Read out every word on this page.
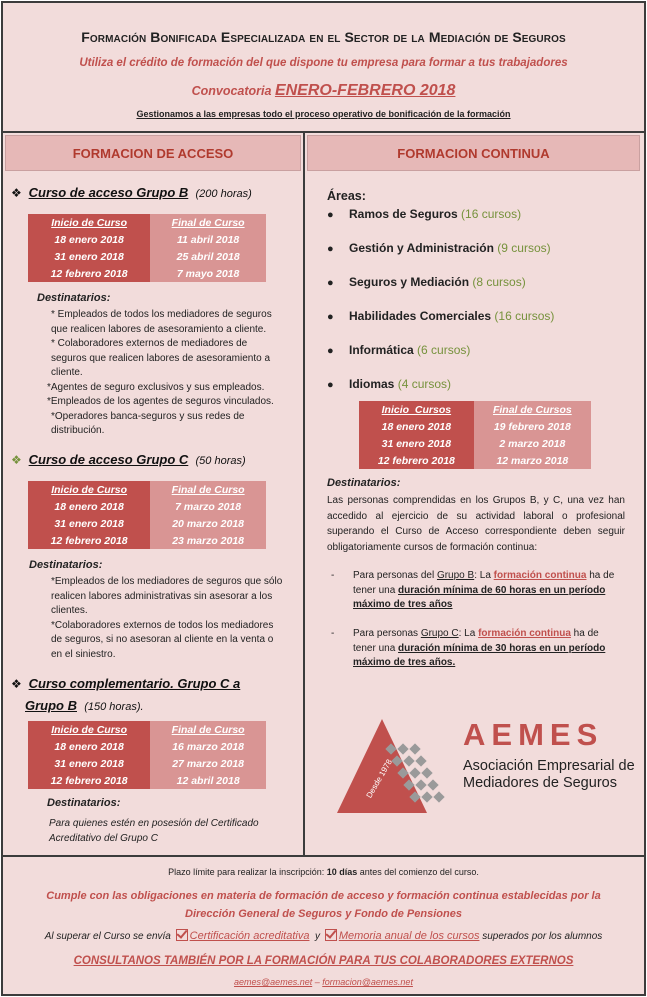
Formación Bonificada Especializada en el Sector de la Mediación de Seguros
Utiliza el crédito de formación del que dispone tu empresa para formar a tus trabajadores
Convocatoria ENERO-FEBRERO 2018
Gestionamos a las empresas todo el proceso operativo de bonificación de la formación
FORMACION DE ACCESO
❖ Curso de acceso Grupo B (200 horas)
Inicio de Curso	Final de Curso
18 enero 2018	11 abril 2018
31 enero 2018	25 abril 2018
12 febrero 2018	7 mayo 2018
Destinatarios:
* Empleados de todos los mediadores de seguros que realicen labores de asesoramiento a cliente.
* Colaboradores externos de mediadores de seguros que realicen labores de asesoramiento a cliente.
*Agentes de seguro exclusivos y sus empleados.
*Empleados de los agentes de seguros vinculados.
*Operadores banca-seguros y sus redes de distribución.
❖ Curso de acceso Grupo C (50 horas)
Inicio de Curso	Final de Curso
18 enero 2018	7 marzo 2018
31 enero 2018	20 marzo 2018
12 febrero 2018	23 marzo 2018
Destinatarios:
*Empleados de los mediadores de seguros que sólo realicen labores administrativas sin asesorar a los clientes.
*Colaboradores externos de todos los mediadores de seguros, si no asesoran al cliente en la venta o en el siniestro.
❖ Curso complementario. Grupo C a
Grupo B (150 horas).
Inicio de Curso	Final de Curso
18 enero 2018	16 marzo 2018
31 enero 2018	27 marzo 2018
12 febrero 2018	12 abril 2018
Destinatarios:
Para quienes estén en posesión del Certificado Acreditativo del Grupo C
FORMACION CONTINUA
Áreas:
● Ramos de Seguros (16 cursos)
● Gestión y Administración (9 cursos)
● Seguros y Mediación (8 cursos)
● Habilidades Comerciales (16 cursos)
● Informática (6 cursos)
● Idiomas (4 cursos)
Inicio  Cursos	Final de Cursos
18 enero 2018	19 febrero 2018
31 enero 2018	2 marzo 2018
12 febrero 2018	12 marzo 2018
Destinatarios:
Las personas comprendidas en los Grupos B, y C, una vez han accedido al ejercicio de su actividad laboral o profesional superando el Curso de Acceso correspondiente deben seguir obligatoriamente cursos de formación continua:
- Para personas del Grupo B: La formación continua ha de tener una duración mínima de 60 horas en un período máximo de tres años
- Para personas Grupo C: La formación continua ha de tener una duración mínima de 30 horas en un período máximo de tres años.
Desde 1978
AEMES
Asociación Empresarial de
Mediadores de Seguros
Plazo límite para realizar la inscripción: 10 días antes del comienzo del curso.
Cumple con las obligaciones en materia de formación de acceso y formación continua establecidas por la Dirección General de Seguros y Fondo de Pensiones
Al superar el Curso se envía Certificación acreditativa y Memoria anual de los cursos superados por los alumnos
CONSULTANOS TAMBIÉN POR LA FORMACIÓN PARA TUS COLABORADORES EXTERNOS
aemes@aemes.net – formacion@aemes.net
